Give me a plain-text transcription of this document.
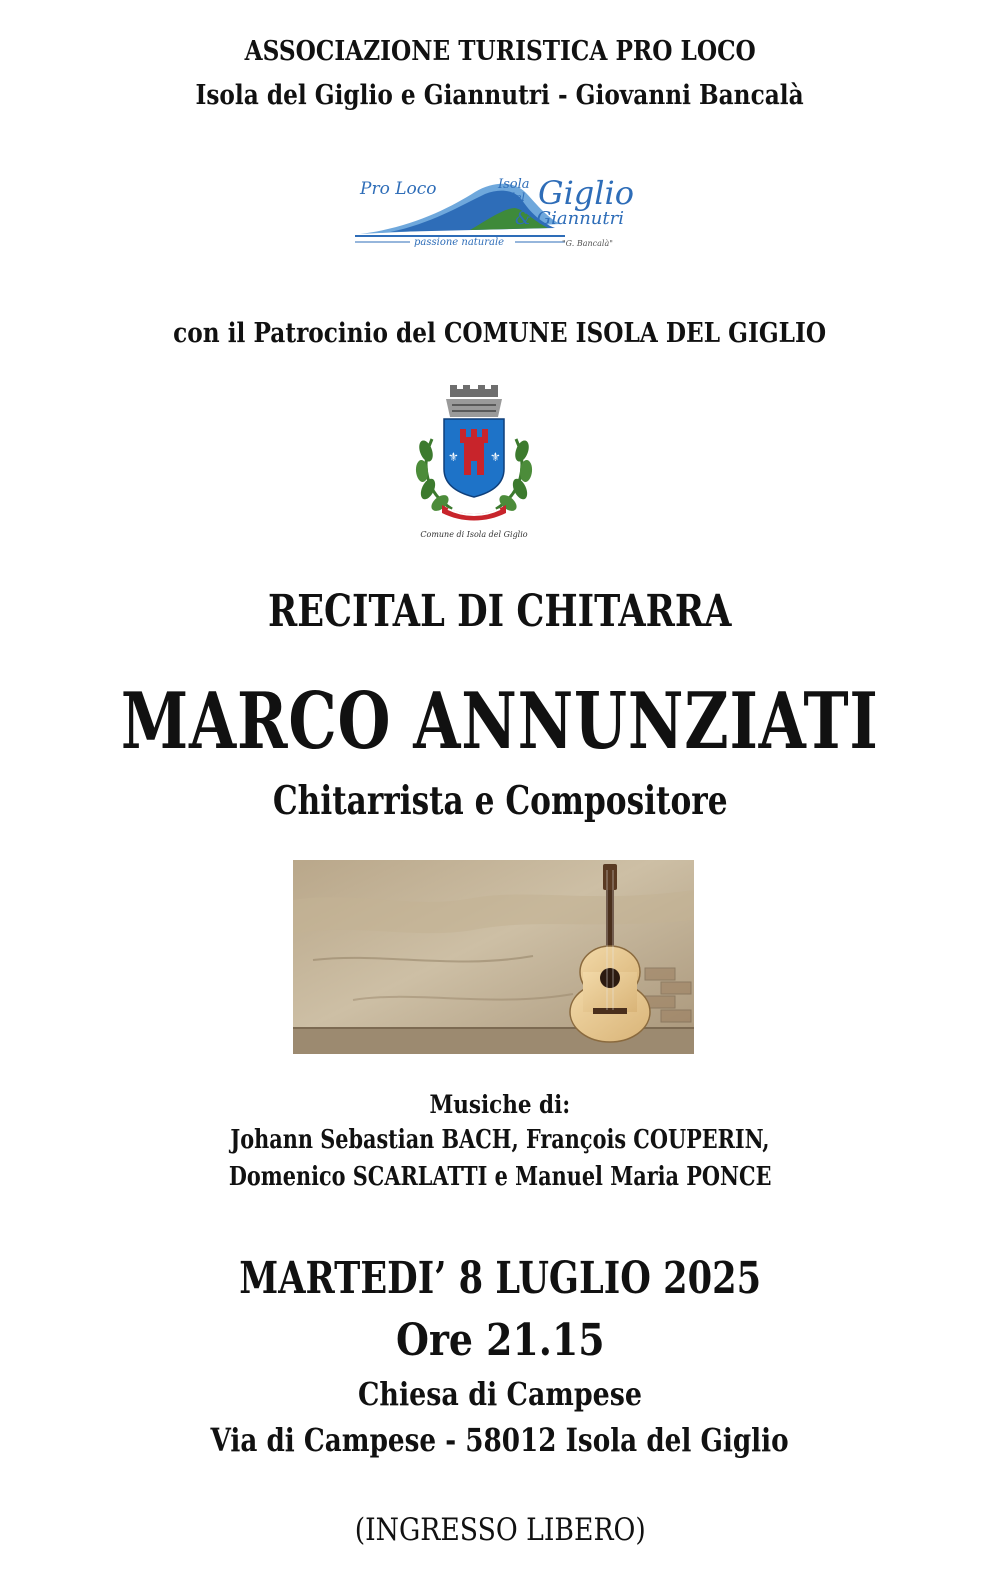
ASSOCIAZIONE TURISTICA PRO LOCO
Isola del Giglio e Giannutri - Giovanni Bancalà
Pro Loco	Isola
del Giglio
& Giannutri
passione naturale	"G. Bancalà"
con il Patrocinio del COMUNE ISOLA DEL GIGLIO
⚜	⚜
Comune di Isola del Giglio
RECITAL DI CHITARRA
MARCO ANNUNZIATI
Chitarrista e Compositore
Musiche di:
Johann Sebastian BACH, François COUPERIN,
Domenico SCARLATTI e Manuel Maria PONCE
MARTEDI’ 8 LUGLIO 2025
Ore 21.15
Chiesa di Campese
Via di Campese - 58012 Isola del Giglio
(INGRESSO LIBERO)
